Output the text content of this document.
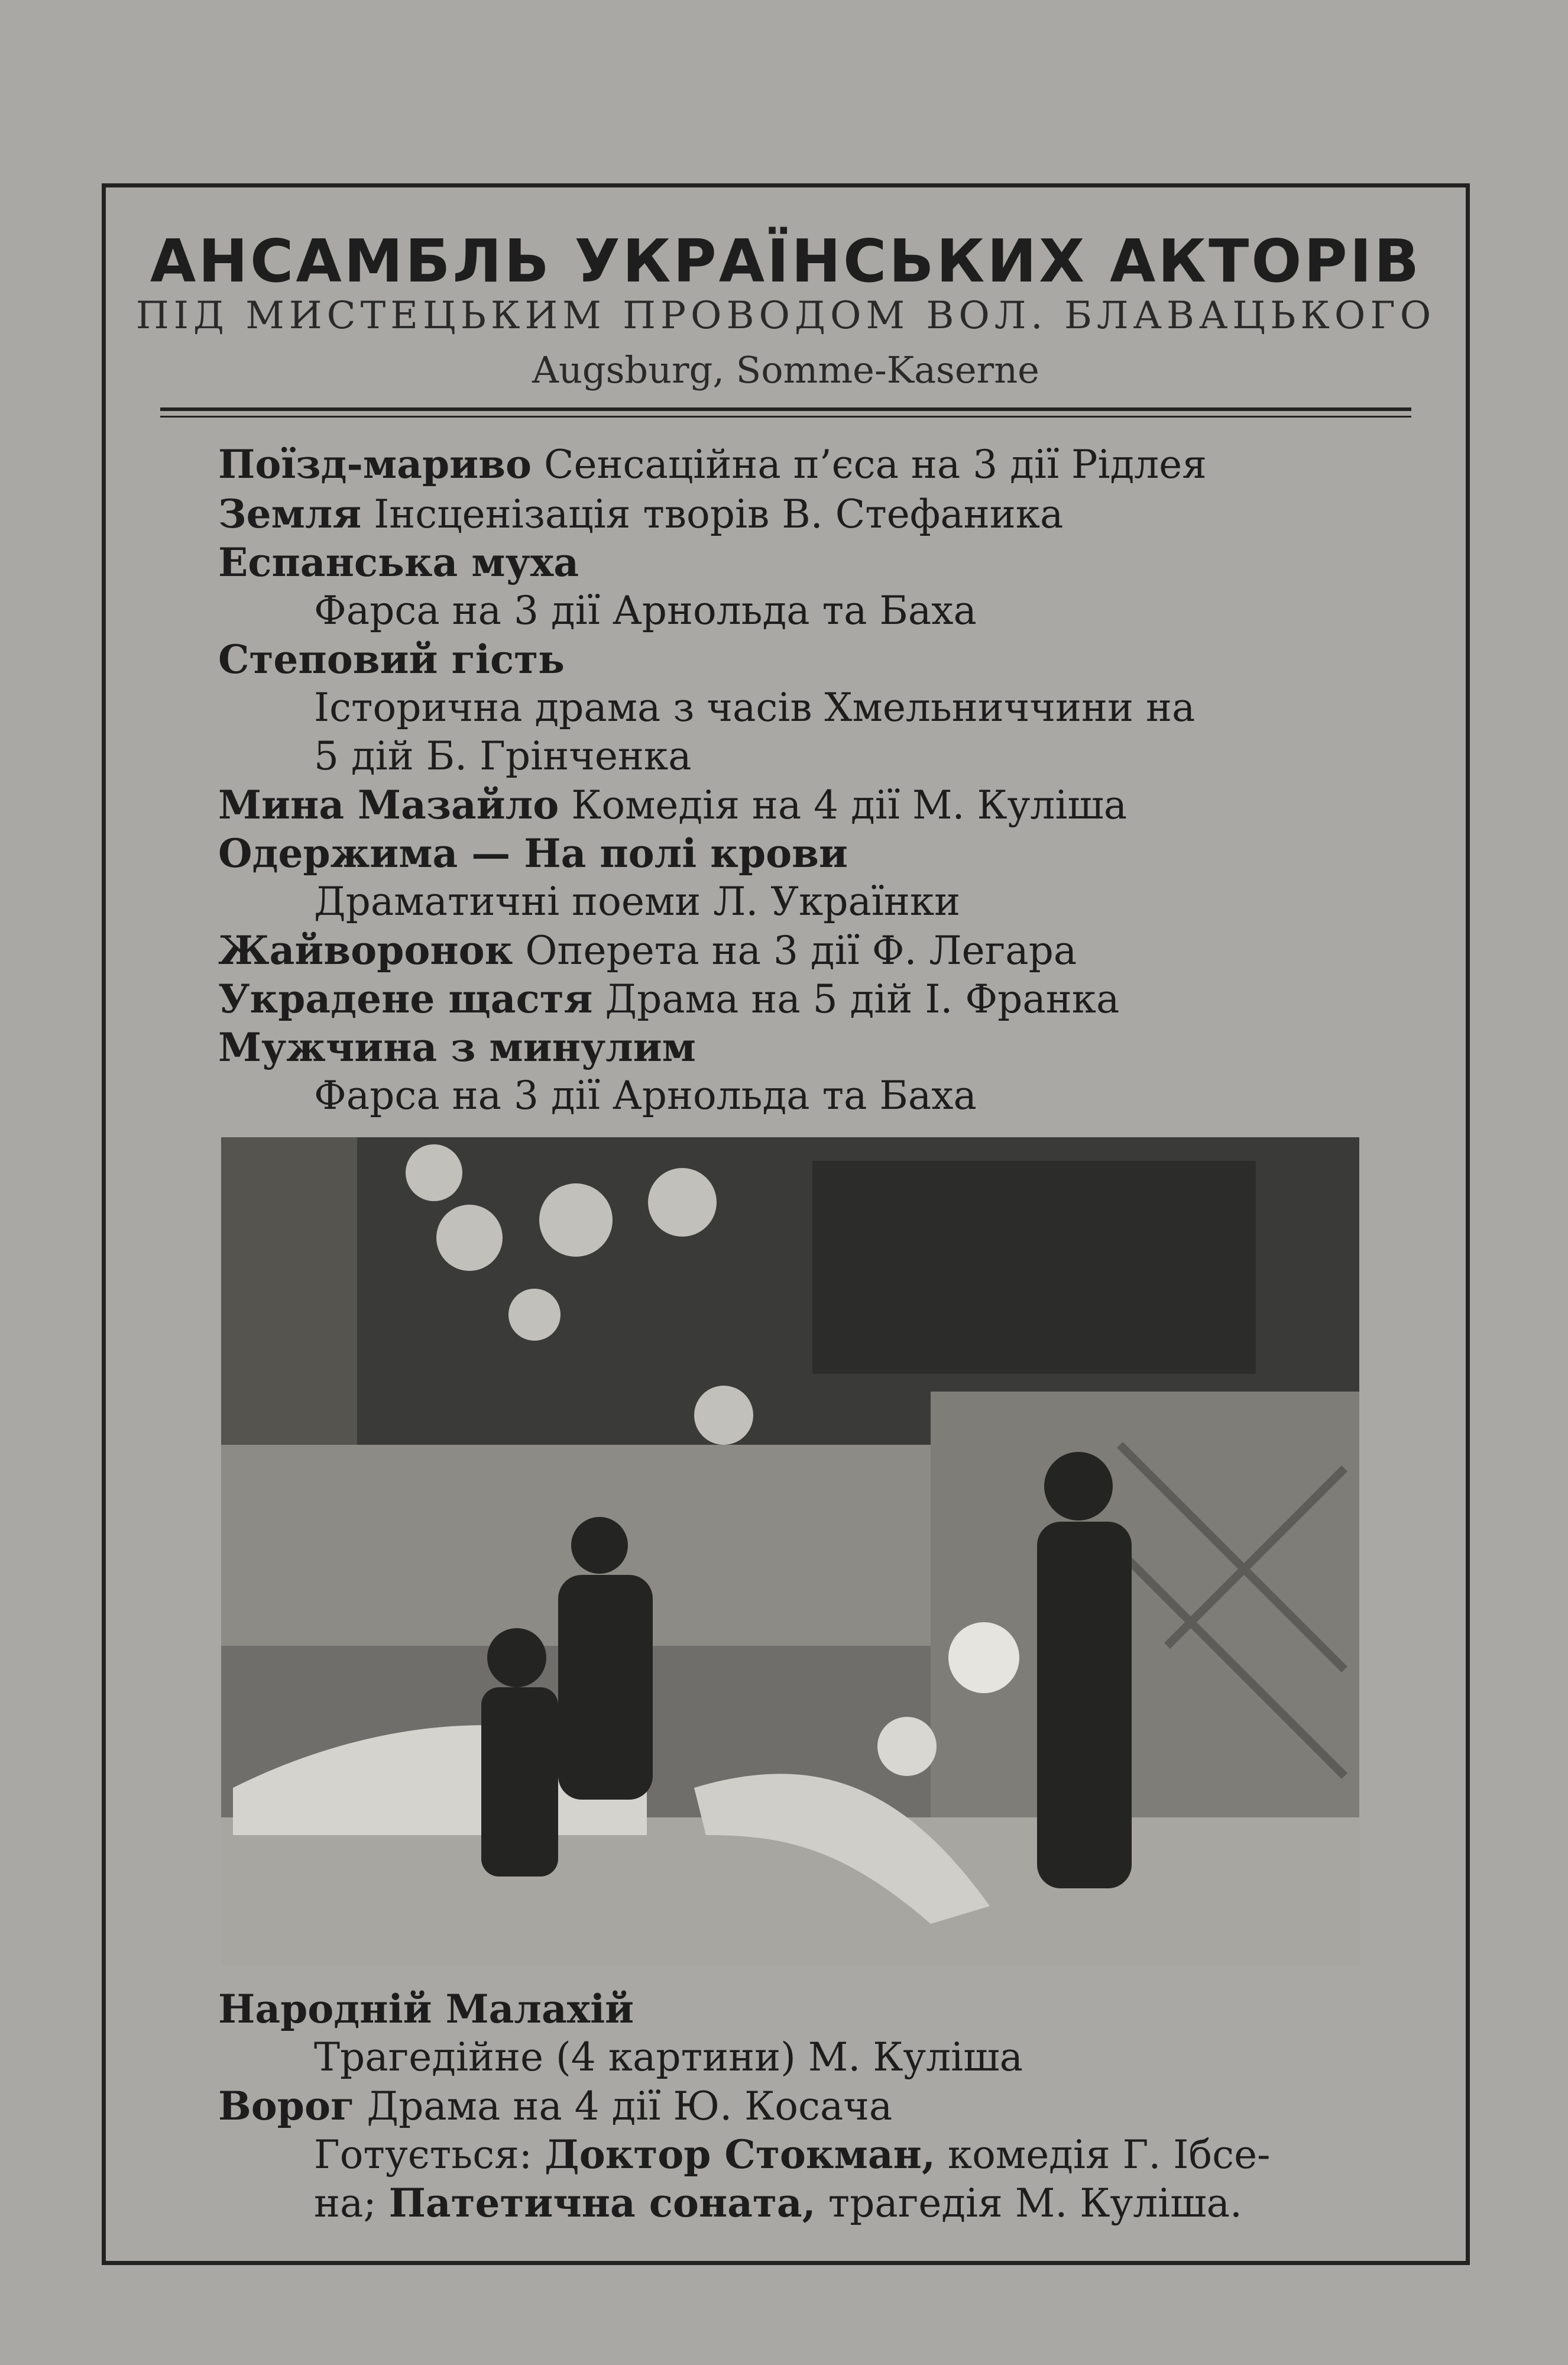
АНСАМБЛЬ УКРАЇНСЬКИХ АКТОРІВ
ПІД МИСТЕЦЬКИМ ПРОВОДОМ ВОЛ. БЛАВАЦЬКОГО
Augsburg, Somme-Kaserne
Поїзд-мариво Сенсаційна п’єса на 3 дії Рідлея
Земля Інсценізація творів В. Стефаника
Еспанська муха
Фарса на 3 дії Арнольда та Баха
Степовий гість
Історична драма з часів Хмельниччини на
5 дій Б. Грінченка
Мина Мазайло Комедія на 4 дії М. Куліша
Одержима — На полі крови
Драматичні поеми Л. Українки
Жайворонок Оперета на 3 дії Ф. Легара
Украдене щастя Драма на 5 дій І. Франка
Мужчина з минулим
Фарса на 3 дії Арнольда та Баха
Народній Малахій
Трагедійне (4 картини) М. Куліша
Ворог Драма на 4 дії Ю. Косача
Готується: Доктор Стокман, комедія Г. Ібсе-
на; Патетична соната, трагедія М. Куліша.
